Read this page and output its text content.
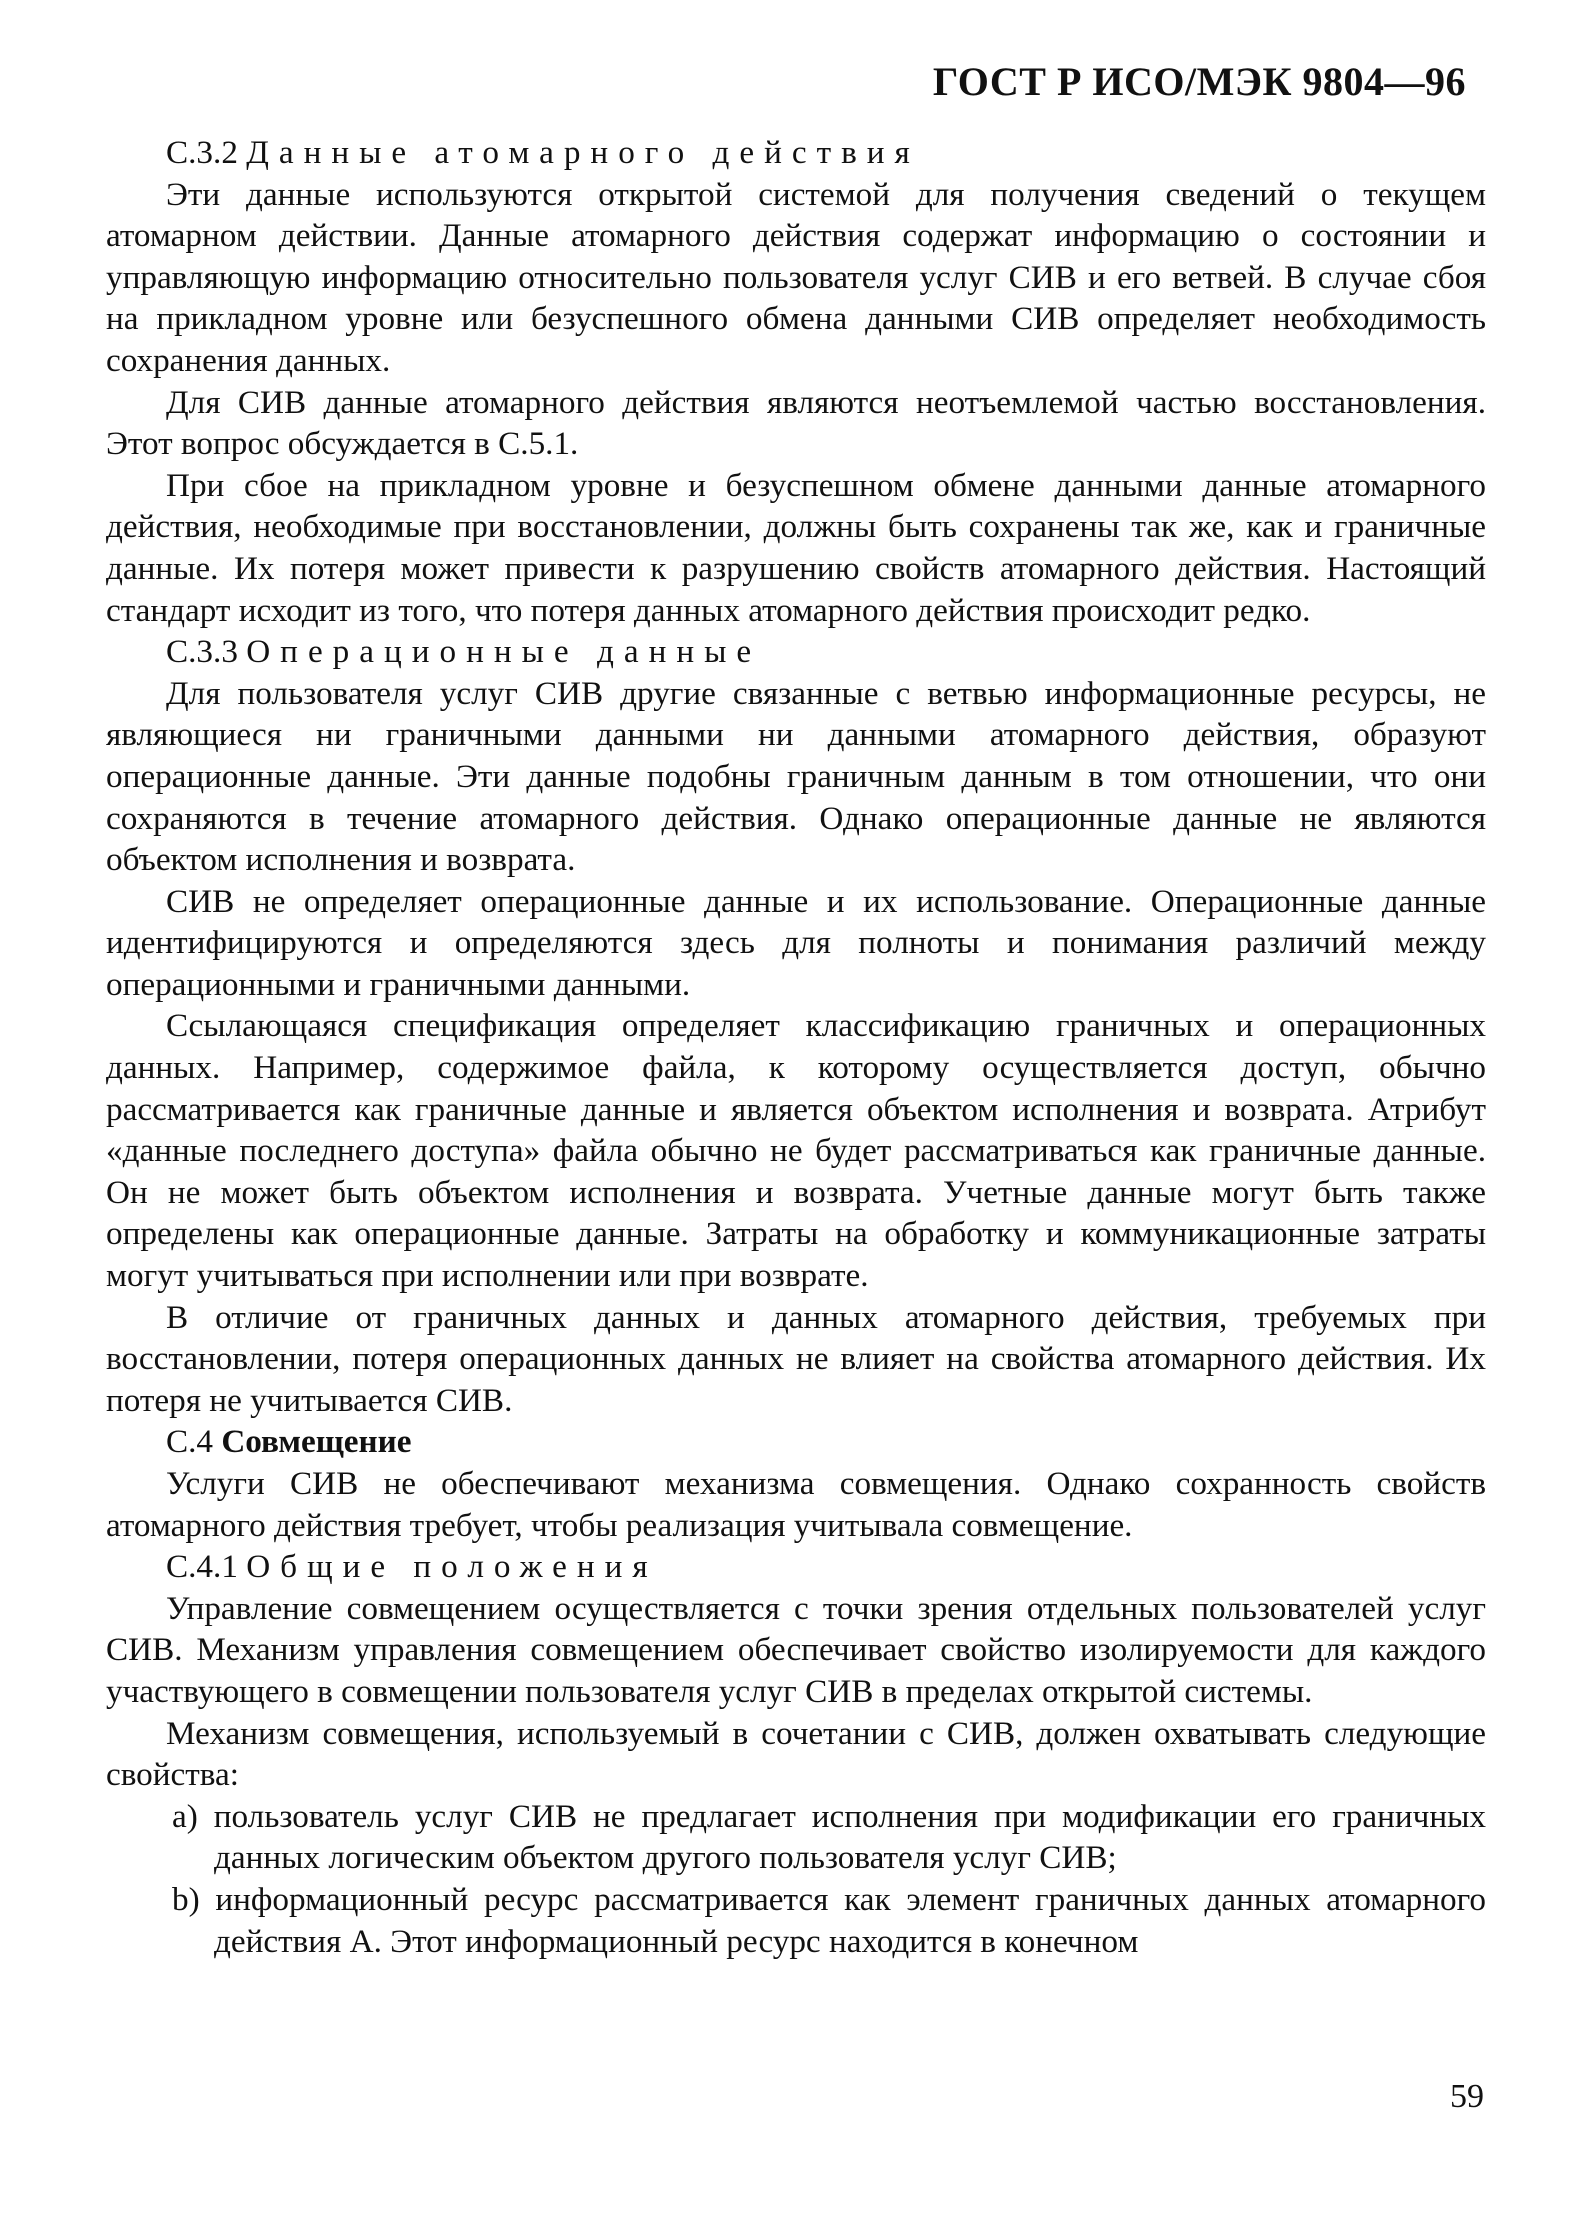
ГОСТ Р ИСО/МЭК 9804—96

С.3.2 Данные атомарного действия

Эти данные используются открытой системой для получения сведений о текущем атомарном действии. Данные атомарного действия содержат информацию о состоянии и управляющую информацию относительно пользователя услуг СИВ и его ветвей. В случае сбоя на прикладном уровне или безуспешного обмена данными СИВ определяет необходимость сохранения данных.

Для СИВ данные атомарного действия являются неотъемлемой частью восстановления. Этот вопрос обсуждается в С.5.1.

При сбое на прикладном уровне и безуспешном обмене данными данные атомарного действия, необходимые при восстановлении, должны быть сохранены так же, как и граничные данные. Их потеря может привести к разрушению свойств атомарного действия. Настоящий стандарт исходит из того, что потеря данных атомарного действия происходит редко.

С.3.3 Операционные данные

Для пользователя услуг СИВ другие связанные с ветвью информационные ресурсы, не являющиеся ни граничными данными ни данными атомарного действия, образуют операционные данные. Эти данные подобны граничным данным в том отношении, что они сохраняются в течение атомарного действия. Однако операционные данные не являются объектом исполнения и возврата.

СИВ не определяет операционные данные и их использование. Операционные данные идентифицируются и определяются здесь для полноты и понимания различий между операционными и граничными данными.

Ссылающаяся спецификация определяет классификацию граничных и операционных данных. Например, содержимое файла, к которому осуществляется доступ, обычно рассматривается как граничные данные и является объектом исполнения и возврата. Атрибут «данные последнего доступа» файла обычно не будет рассматриваться как граничные данные. Он не может быть объектом исполнения и возврата. Учетные данные могут быть также определены как операционные данные. Затраты на обработку и коммуникационные затраты могут учитываться при исполнении или при возврате.

В отличие от граничных данных и данных атомарного действия, требуемых при восстановлении, потеря операционных данных не влияет на свойства атомарного действия. Их потеря не учитывается СИВ.

С.4 Совмещение

Услуги СИВ не обеспечивают механизма совмещения. Однако сохранность свойств атомарного действия требует, чтобы реализация учитывала совмещение.

С.4.1 Общие положения

Управление совмещением осуществляется с точки зрения отдельных пользователей услуг СИВ. Механизм управления совмещением обеспечивает свойство изолируемости для каждого участвующего в совмещении пользователя услуг СИВ в пределах открытой системы.

Механизм совмещения, используемый в сочетании с СИВ, должен охватывать следующие свойства:

а) пользователь услуг СИВ не предлагает исполнения при модификации его граничных данных логическим объектом другого пользователя услуг СИВ;

b) информационный ресурс рассматривается как элемент граничных данных атомарного действия А. Этот информационный ресурс находится в конечном

59
